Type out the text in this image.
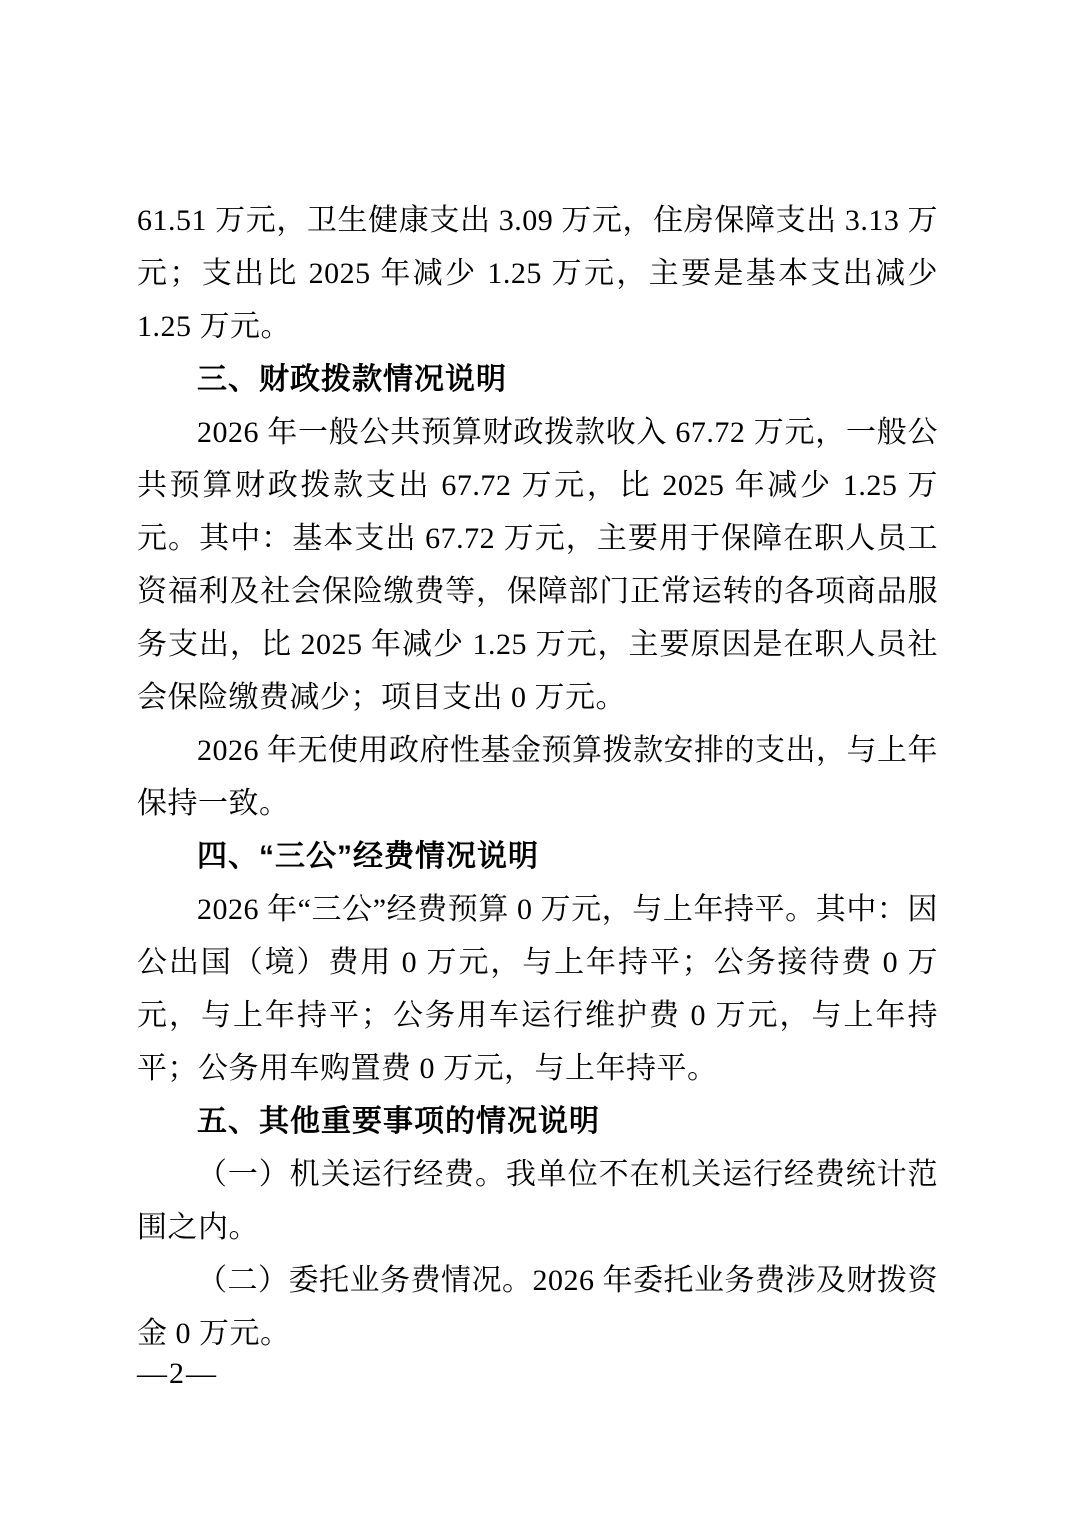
61.51 万元，卫生健康支出 3.09 万元，住房保障支出 3.13 万元；支出比 2025 年减少 1.25 万元，主要是基本支出减少 1.25 万元。

三、财政拨款情况说明

2026 年一般公共预算财政拨款收入 67.72 万元，一般公共预算财政拨款支出 67.72 万元，比 2025 年减少 1.25 万元。其中：基本支出 67.72 万元，主要用于保障在职人员工资福利及社会保险缴费等，保障部门正常运转的各项商品服务支出，比 2025 年减少 1.25 万元，主要原因是在职人员社会保险缴费减少；项目支出 0 万元。

2026 年无使用政府性基金预算拨款安排的支出，与上年保持一致。

四、“三公”经费情况说明

2026 年“三公”经费预算 0 万元，与上年持平。其中：因公出国（境）费用 0 万元，与上年持平；公务接待费 0 万元，与上年持平；公务用车运行维护费 0 万元，与上年持平；公务用车购置费 0 万元，与上年持平。

五、其他重要事项的情况说明

（一）机关运行经费。我单位不在机关运行经费统计范围之内。

（二）委托业务费情况。2026 年委托业务费涉及财拨资金 0 万元。

—2—
